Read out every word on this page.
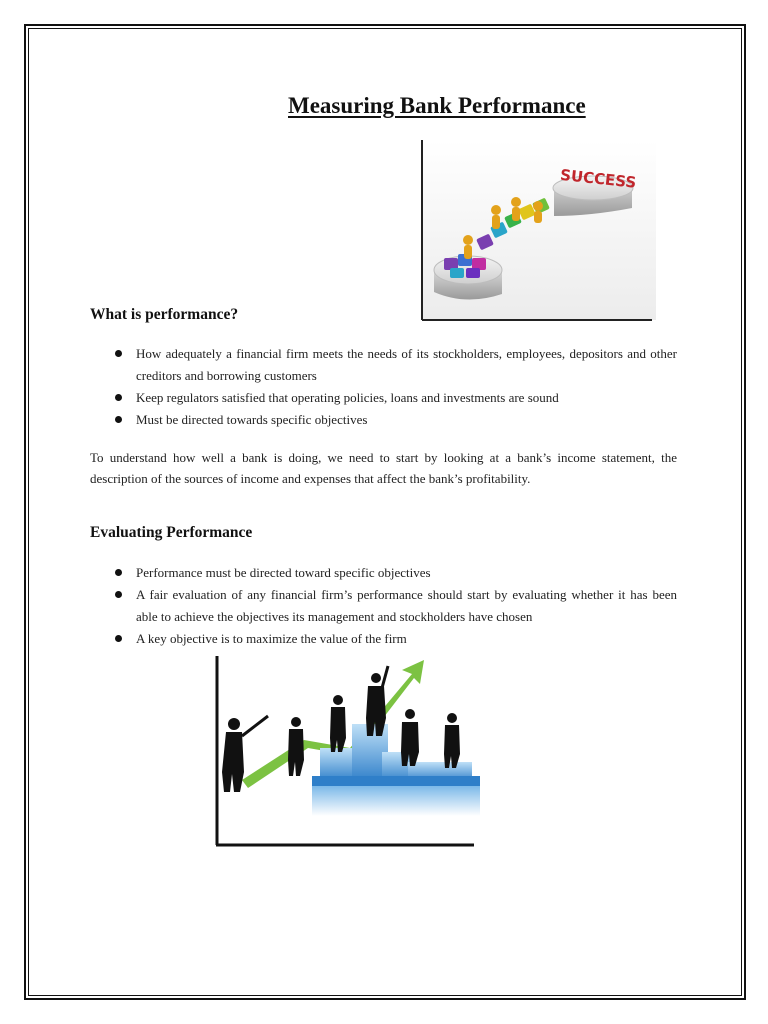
Measuring Bank Performance
SUCCESS
What is performance?
How adequately a financial firm meets the needs of its stockholders, employees, depositors and other creditors and borrowing customers
Keep regulators satisfied that operating policies, loans and investments are sound
Must be directed towards specific objectives

To understand how well a bank is doing, we need to start by looking at a bank’s income statement, the description of the sources of income and expenses that affect the bank’s profitability.

Evaluating Performance
Performance must be directed toward specific objectives
A fair evaluation of any financial firm’s performance should start by evaluating whether it has been able to achieve the objectives its management and stockholders have chosen
A key objective is to maximize the value of the firm
